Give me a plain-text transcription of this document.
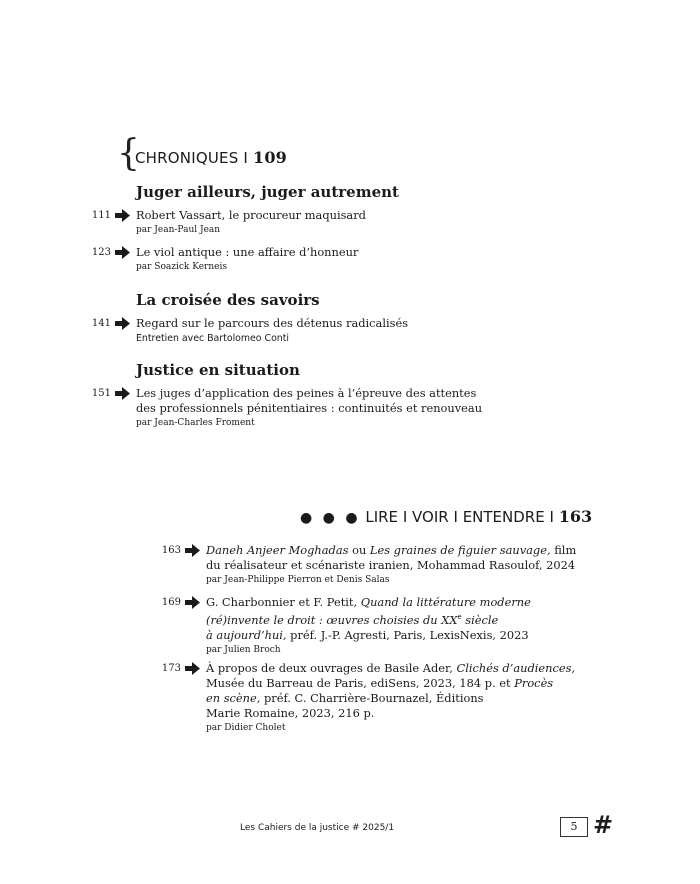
{
CHRONIQUES I 109
Juger ailleurs, juger autrement
111 Robert Vassart, le procureur maquisard
par Jean-Paul Jean
123 Le viol antique : une affaire d’honneur
par Soazick Kerneis
La croisée des savoirs
141 Regard sur le parcours des détenus radicalisés
Entretien avec Bartolomeo Conti
Justice en situation
151 Les juges d’application des peines à l’épreuve des attentes
des professionnels pénitentiaires : continuités et renouveau
par Jean-Charles Froment
● ● ● LIRE I VOIR I ENTENDRE I 163
163 Daneh Anjeer Moghadas ou Les graines de figuier sauvage, film
du réalisateur et scénariste iranien, Mohammad Rasoulof, 2024
par Jean-Philippe Pierron et Denis Salas
169 G. Charbonnier et F. Petit, Quand la littérature moderne
(ré)invente le droit : œuvres choisies du XXe siècle
à aujourd’hui, préf. J.-P. Agresti, Paris, LexisNexis, 2023
par Julien Broch
173 À propos de deux ouvrages de Basile Ader, Clichés d’audiences,
Musée du Barreau de Paris, ediSens, 2023, 184 p. et Procès
en scène, préf. C. Charrière-Bournazel, Éditions
Marie Romaine, 2023, 216 p.
par Didier Cholet
Les Cahiers de la justice # 2025/1	5 #
